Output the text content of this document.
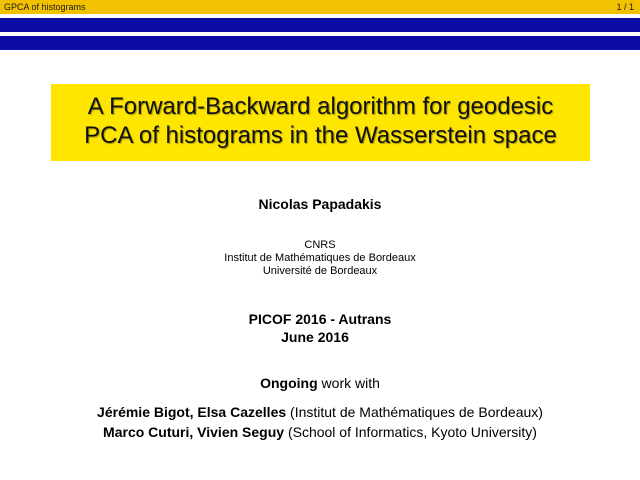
GPCA of histograms	1 / 1
A Forward-Backward algorithm for geodesic
PCA of histograms in the Wasserstein space
Nicolas Papadakis
CNRS
Institut de Mathématiques de Bordeaux
Université de Bordeaux
PICOF 2016 - Autrans
June 2016
Ongoing work with
Jérémie Bigot, Elsa Cazelles (Institut de Mathématiques de Bordeaux)
Marco Cuturi, Vivien Seguy (School of Informatics, Kyoto University)
